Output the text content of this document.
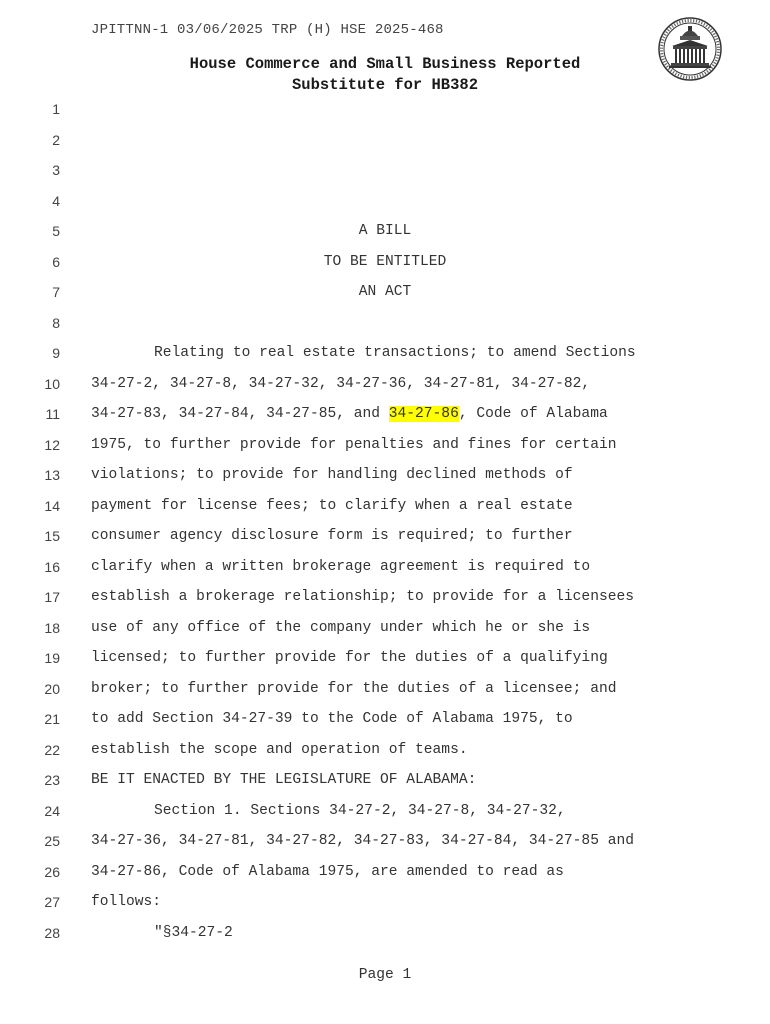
JPITTNN-1 03/06/2025 TRP (H) HSE 2025-468
House Commerce and Small Business Reported
Substitute for HB382
1
2
3
4
5	A BILL
6	TO BE ENTITLED
7	AN ACT
8
9	Relating to real estate transactions; to amend Sections
10 34-27-2, 34-27-8, 34-27-32, 34-27-36, 34-27-81, 34-27-82,
11 34-27-83, 34-27-84, 34-27-85, and 34-27-86, Code of Alabama
12 1975, to further provide for penalties and fines for certain
13 violations; to provide for handling declined methods of
14 payment for license fees; to clarify when a real estate
15 consumer agency disclosure form is required; to further
16 clarify when a written brokerage agreement is required to
17 establish a brokerage relationship; to provide for a licensees
18 use of any office of the company under which he or she is
19 licensed; to further provide for the duties of a qualifying
20 broker; to further provide for the duties of a licensee; and
21 to add Section 34-27-39 to the Code of Alabama 1975, to
22 establish the scope and operation of teams.
23 BE IT ENACTED BY THE LEGISLATURE OF ALABAMA:
24	Section 1. Sections 34-27-2, 34-27-8, 34-27-32,
25 34-27-36, 34-27-81, 34-27-82, 34-27-83, 34-27-84, 34-27-85 and
26 34-27-86, Code of Alabama 1975, are amended to read as
27 follows:
28	"§34-27-2
Page 1
